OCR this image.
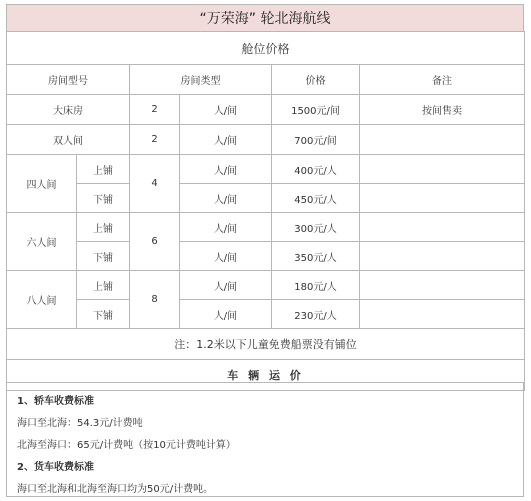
“万荣海” 轮北海航线
舱位价格					
房间型号		房间类型		价格	备注
大床房		2	人/间	1500元/间	按间售卖
双人间		2	人/间	700元/间	
四人间	上铺	4	人/间	400元/人	
	下铺		人/间	450元/人	
六人间	上铺	6	人/间	300元/人	
	下铺		人/间	350元/人	
八人间	上铺	8	人/间	180元/人	
	下铺		人/间	230元/人	
注：1.2米以下儿童免费船票没有铺位					
车 辆 运 价					
1、轿车收费标准
海口至北海：54.3元/计费吨
北海至海口：65元/计费吨（按10元计费吨计算）
2、货车收费标准
海口至北海和北海至海口均为50元/计费吨。
